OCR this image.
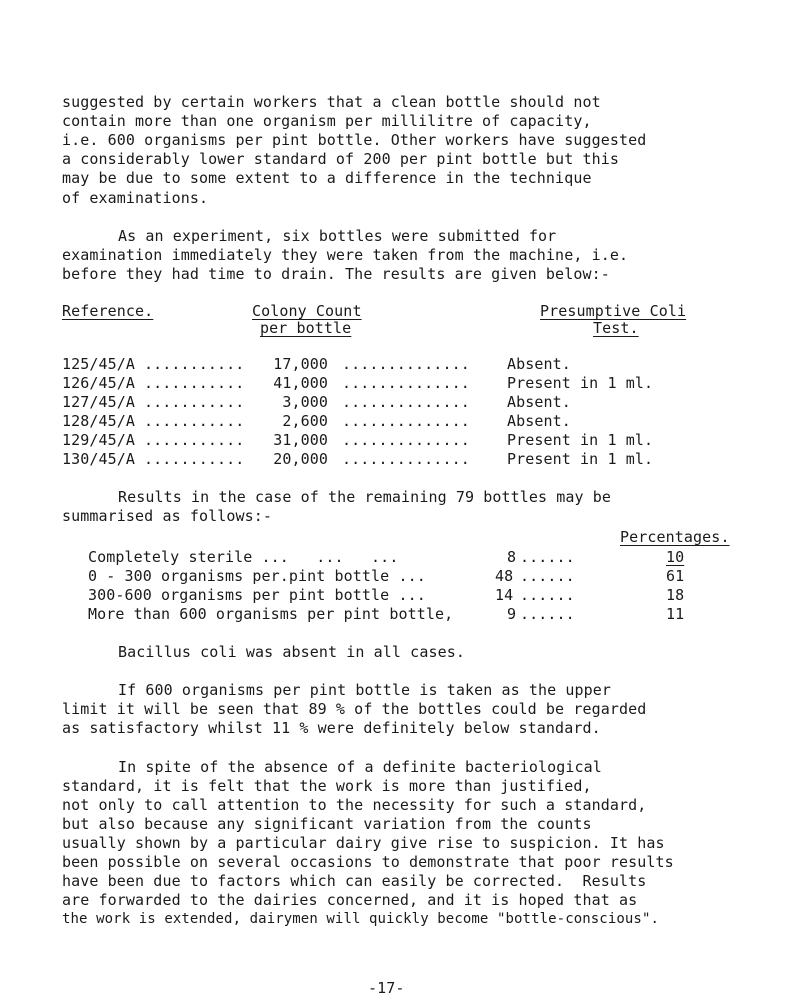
suggested by certain workers that a clean bottle should not
contain more than one organism per millilitre of capacity,
i.e. 600 organisms per pint bottle. Other workers have suggested
a considerably lower standard of 200 per pint bottle but this
may be due to some extent to a difference in the technique
of examinations.
As an experiment, six bottles were submitted for
examination immediately they were taken from the machine, i.e.
before they had time to drain. The results are given below:-
Reference.	Colony Count
per bottle
Presumptive Coli
Test.
125/45/A ...........	17,000 .............. Absent.
126/45/A ...........	41,000 .............. Present in 1 ml.
127/45/A ...........	3,000 .............. Absent.
128/45/A ...........	2,600 .............. Absent.
129/45/A ...........	31,000 .............. Present in 1 ml.
130/45/A ...........	20,000 .............. Present in 1 ml.
Results in the case of the remaining 79 bottles may be
summarised as follows:-
Percentages.
Completely sterile ...   ...   ...	8 ......	10
0 - 300 organisms per.pint bottle ...	48 ......	61
300-600 organisms per pint bottle ...	14 ......	18
More than 600 organisms per pint bottle,	9 ......	11
Bacillus coli was absent in all cases.
If 600 organisms per pint bottle is taken as the upper
limit it will be seen that 89 % of the bottles could be regarded
as satisfactory whilst 11 % were definitely below standard.
In spite of the absence of a definite bacteriological
standard, it is felt that the work is more than justified,
not only to call attention to the necessity for such a standard,
but also because any significant variation from the counts
usually shown by a particular dairy give rise to suspicion. It has
been possible on several occasions to demonstrate that poor results
have been due to factors which can easily be corrected.  Results
are forwarded to the dairies concerned, and it is hoped that as
the work is extended, dairymen will quickly become "bottle-conscious".
-17-
